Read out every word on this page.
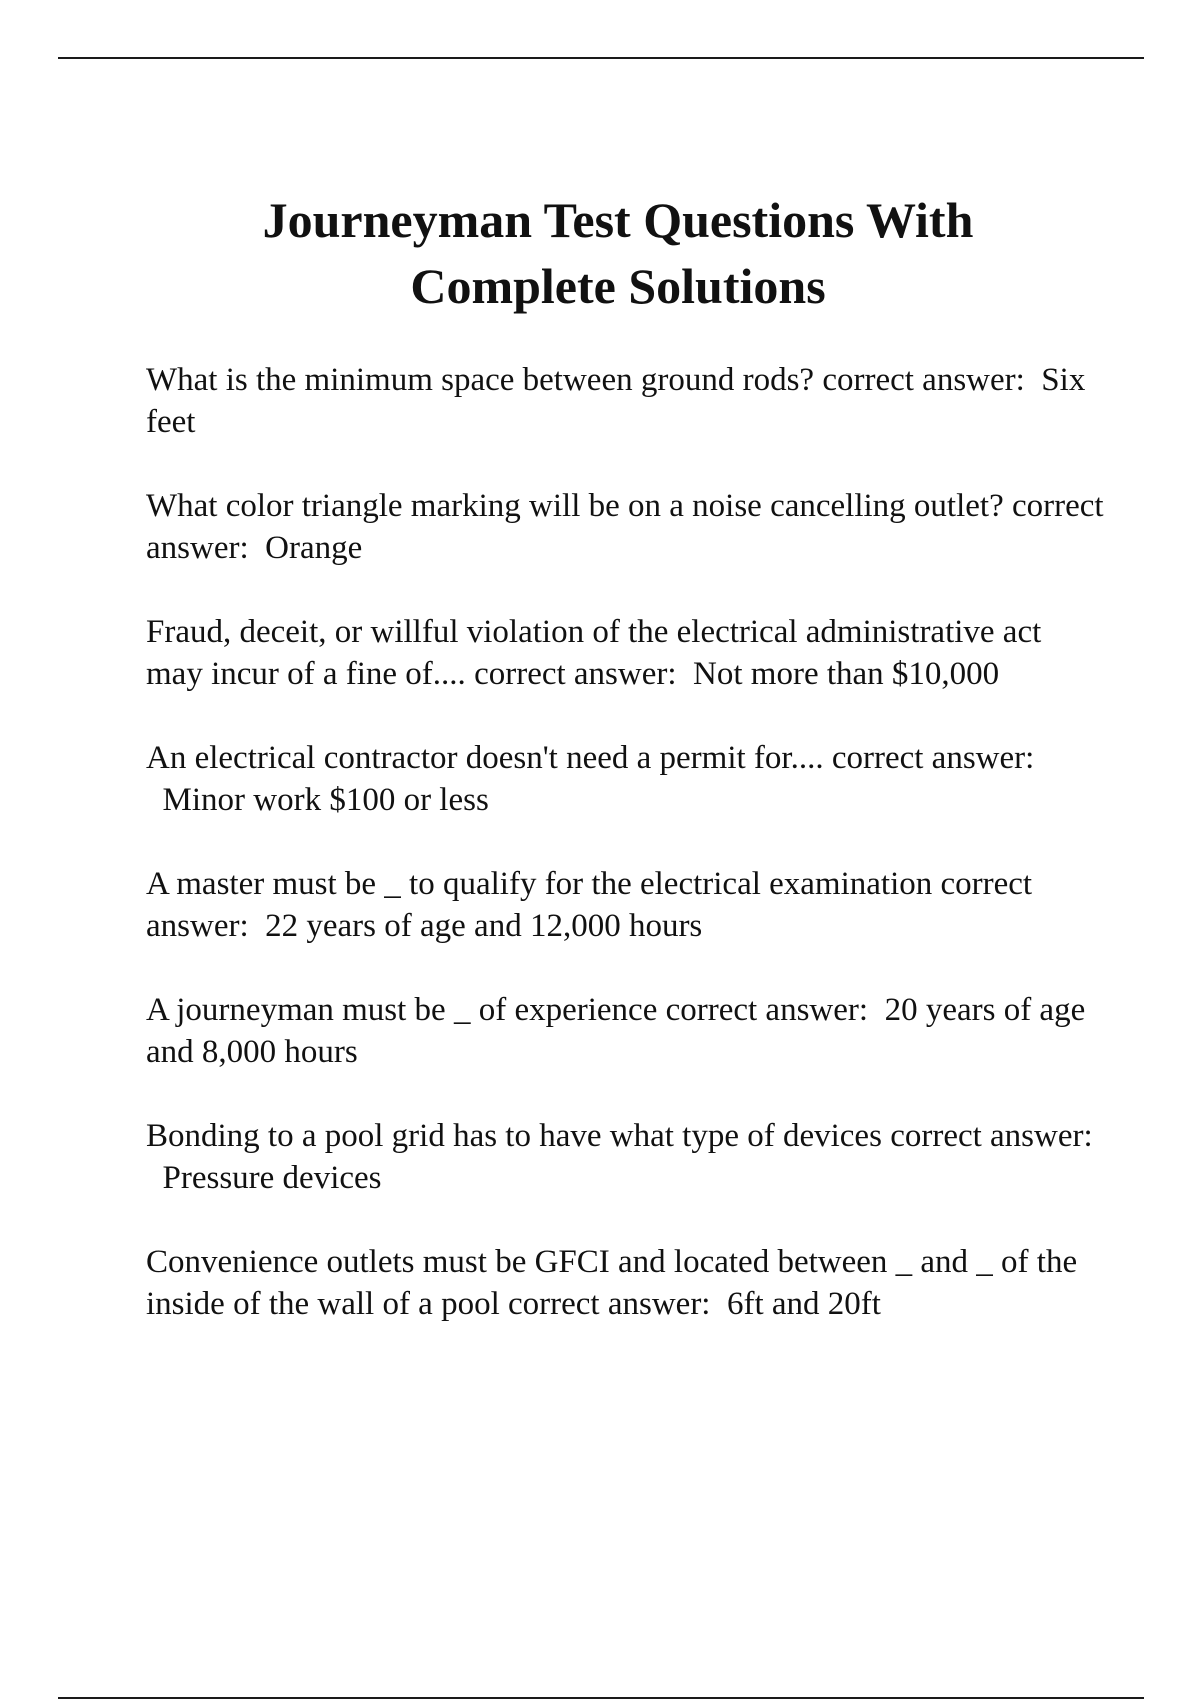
Journeyman Test Questions With
Complete Solutions

What is the minimum space between ground rods? correct answer: Six feet

What color triangle marking will be on a noise cancelling outlet? correct answer: Orange

Fraud, deceit, or willful violation of the electrical administrative act may incur of a fine of.... correct answer: Not more than $10,000

An electrical contractor doesn't need a permit for.... correct answer:  Minor work $100 or less

A master must be _ to qualify for the electrical examination correct answer: 22 years of age and 12,000 hours

A journeyman must be _ of experience correct answer: 20 years of age and 8,000 hours

Bonding to a pool grid has to have what type of devices correct answer:  Pressure devices

Convenience outlets must be GFCI and located between _ and _ of the inside of the wall of a pool correct answer: 6ft and 20ft
